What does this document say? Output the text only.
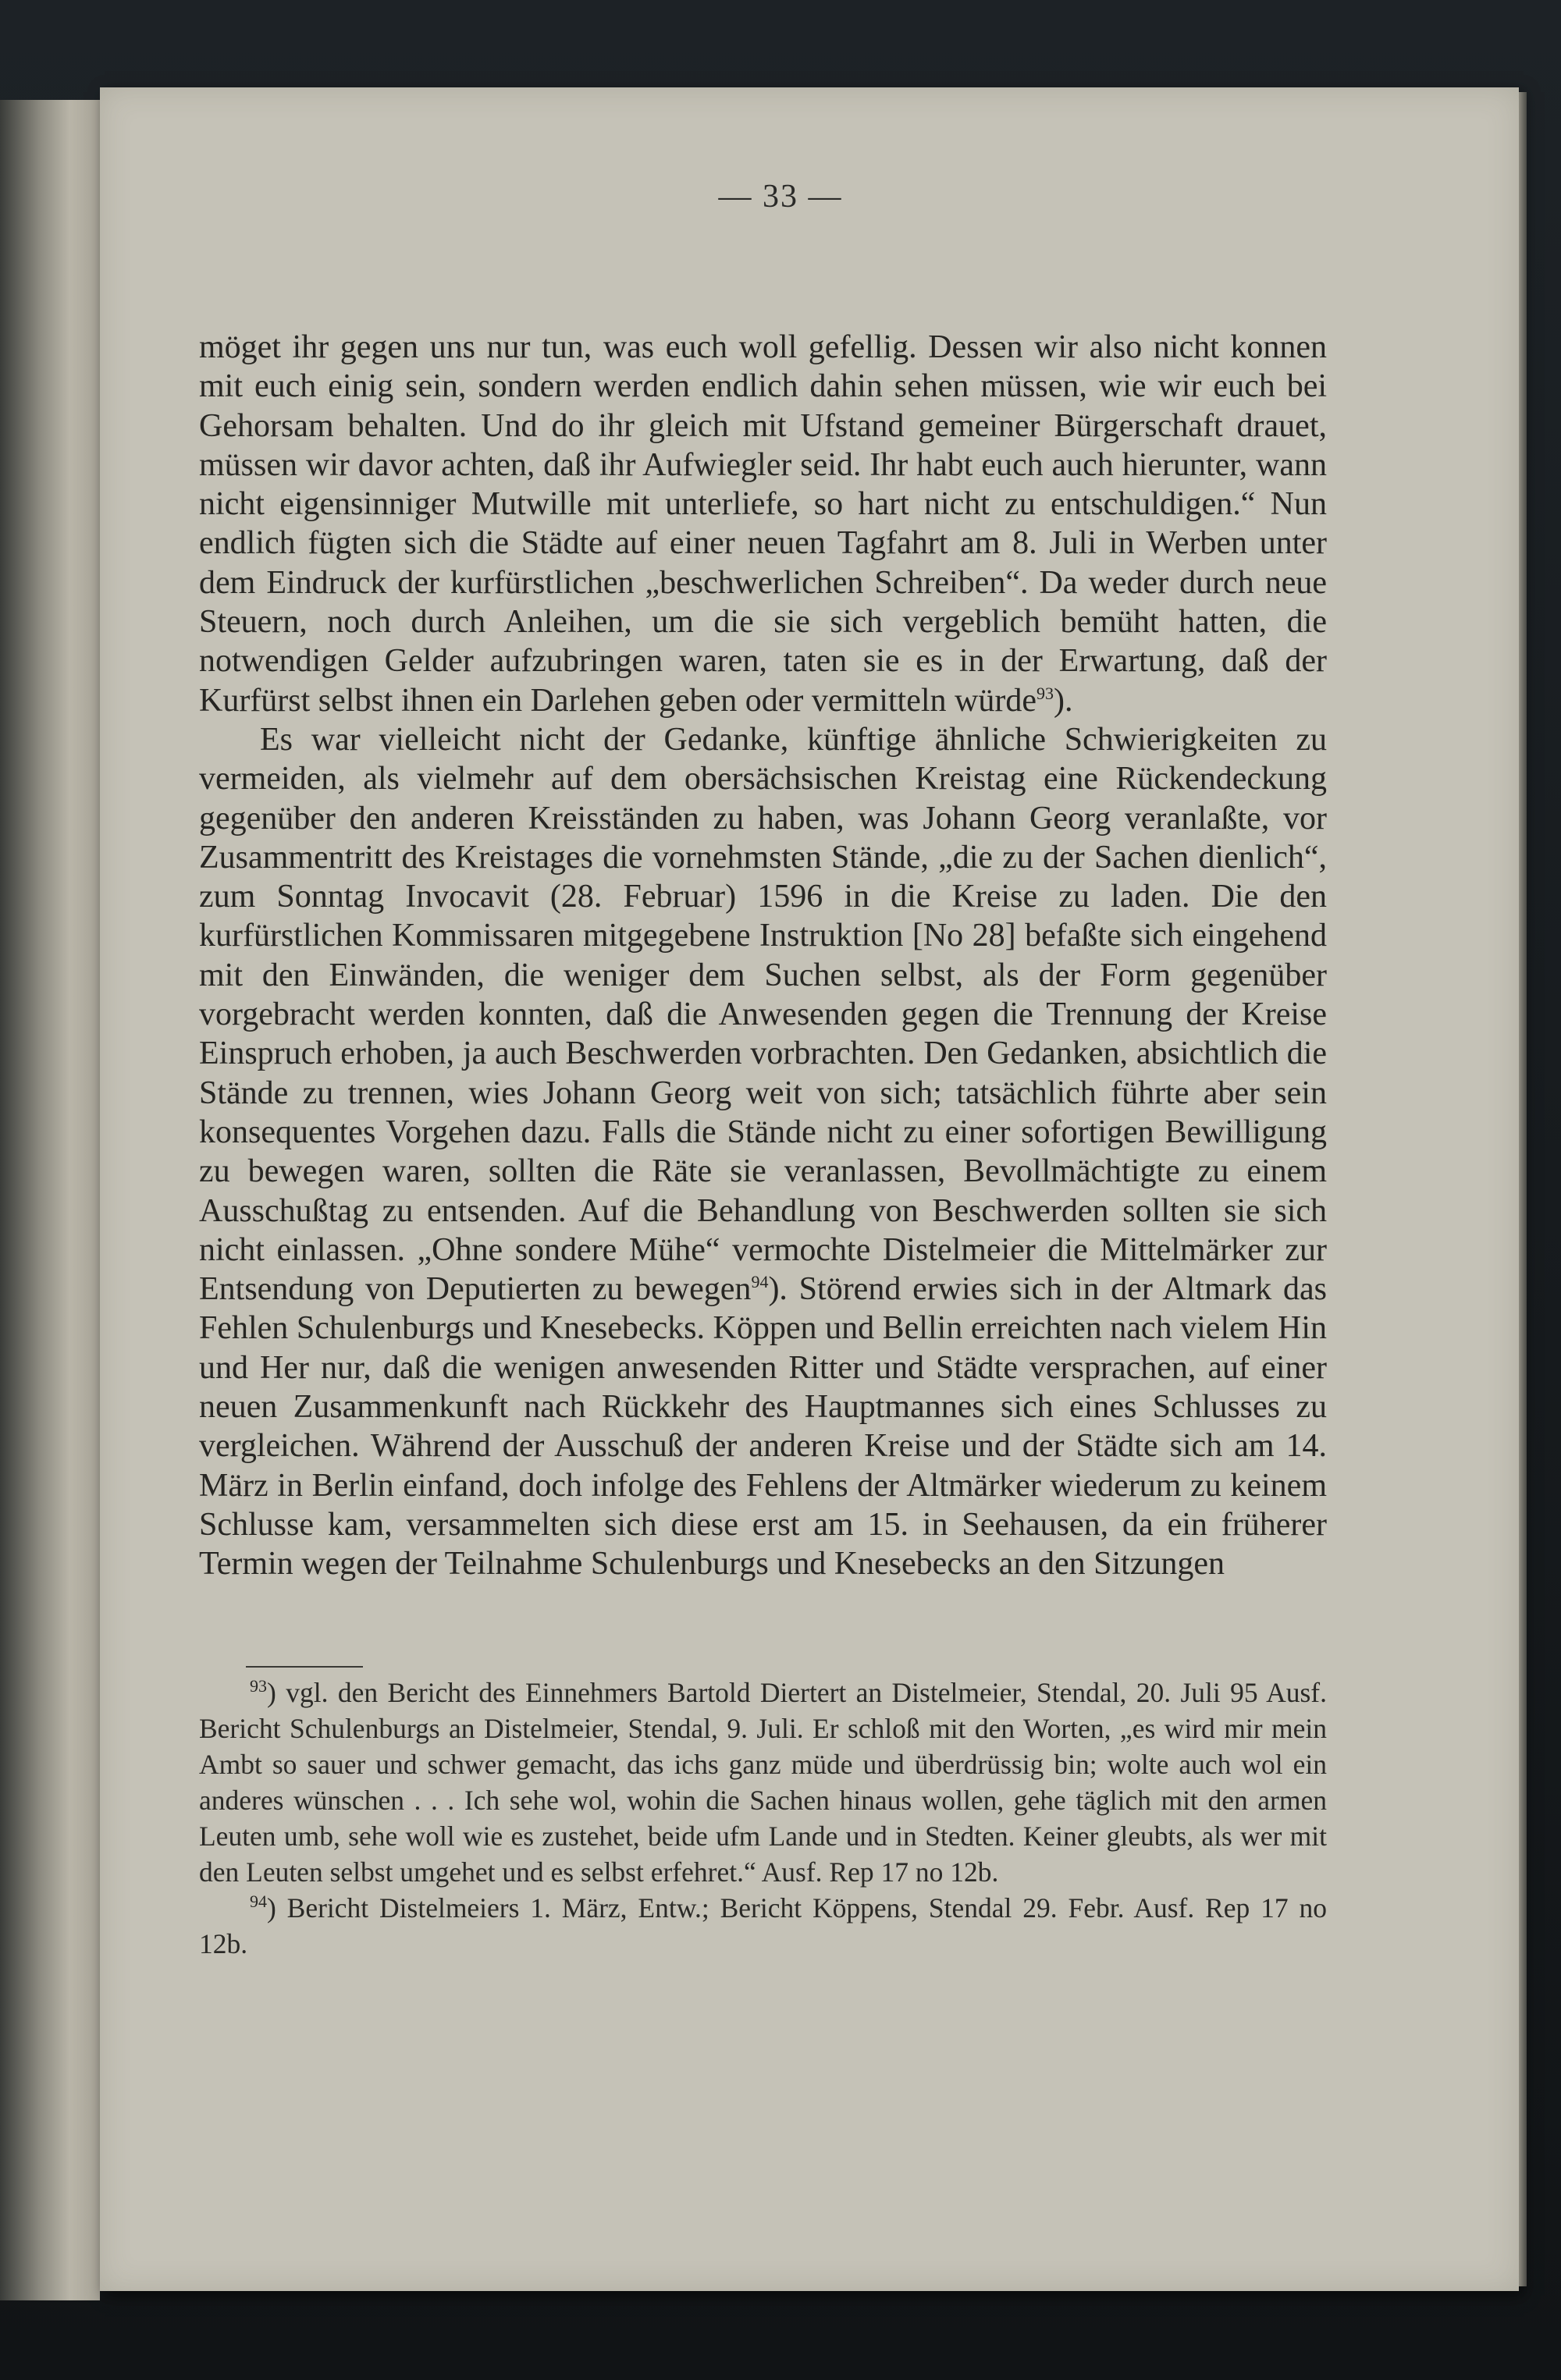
— 33 —

möget ihr gegen uns nur tun, was euch woll gefellig. Dessen wir also nicht konnen mit euch einig sein, sondern werden endlich dahin sehen müssen, wie wir euch bei Gehorsam behalten. Und do ihr gleich mit Ufstand gemeiner Bürgerschaft drauet, müssen wir davor achten, daß ihr Aufwiegler seid. Ihr habt euch auch hierunter, wann nicht eigensinniger Mutwille mit unterliefe, so hart nicht zu entschuldigen.“ Nun endlich fügten sich die Städte auf einer neuen Tagfahrt am 8. Juli in Werben unter dem Eindruck der kurfürstlichen „beschwerlichen Schreiben“. Da weder durch neue Steuern, noch durch Anleihen, um die sie sich vergeblich bemüht hatten, die notwendigen Gelder aufzubringen waren, taten sie es in der Erwartung, daß der Kurfürst selbst ihnen ein Darlehen geben oder vermitteln würde$^{93}$).

Es war vielleicht nicht der Gedanke, künftige ähnliche Schwierigkeiten zu vermeiden, als vielmehr auf dem obersächsischen Kreistag eine Rückendeckung gegenüber den anderen Kreisständen zu haben, was Johann Georg veranlaßte, vor Zusammentritt des Kreistages die vornehmsten Stände, „die zu der Sachen dienlich“, zum Sonntag Invocavit (28. Februar) 1596 in die Kreise zu laden. Die den kurfürstlichen Kommissaren mitgegebene Instruktion [No 28] befaßte sich eingehend mit den Einwänden, die weniger dem Suchen selbst, als der Form gegenüber vorgebracht werden konnten, daß die Anwesenden gegen die Trennung der Kreise Einspruch erhoben, ja auch Beschwerden vorbrachten. Den Gedanken, absichtlich die Stände zu trennen, wies Johann Georg weit von sich; tatsächlich führte aber sein konsequentes Vorgehen dazu. Falls die Stände nicht zu einer sofortigen Bewilligung zu bewegen waren, sollten die Räte sie veranlassen, Bevollmächtigte zu einem Ausschußtag zu entsenden. Auf die Behandlung von Beschwerden sollten sie sich nicht einlassen. „Ohne sondere Mühe“ vermochte Distelmeier die Mittelmärker zur Entsendung von Deputierten zu bewegen$^{94}$). Störend erwies sich in der Altmark das Fehlen Schulenburgs und Knesebecks. Köppen und Bellin erreichten nach vielem Hin und Her nur, daß die wenigen anwesenden Ritter und Städte versprachen, auf einer neuen Zusammenkunft nach Rückkehr des Hauptmannes sich eines Schlusses zu vergleichen. Während der Ausschuß der anderen Kreise und der Städte sich am 14. März in Berlin einfand, doch infolge des Fehlens der Altmärker wiederum zu keinem Schlusse kam, versammelten sich diese erst am 15. in Seehausen, da ein früherer Termin wegen der Teilnahme Schulenburgs und Knesebecks an den Sitzungen

$^{93}$) vgl. den Bericht des Einnehmers Bartold Diertert an Distelmeier, Stendal, 20. Juli 95 Ausf. Bericht Schulenburgs an Distelmeier, Stendal, 9. Juli. Er schloß mit den Worten, „es wird mir mein Ambt so sauer und schwer gemacht, das ichs ganz müde und überdrüssig bin; wolte auch wol ein anderes wünschen . . . Ich sehe wol, wohin die Sachen hinaus wollen, gehe täglich mit den armen Leuten umb, sehe woll wie es zustehet, beide ufm Lande und in Stedten. Keiner gleubts, als wer mit den Leuten selbst umgehet und es selbst erfehret.“ Ausf. Rep 17 no 12b.

$^{94}$) Bericht Distelmeiers 1. März, Entw.; Bericht Köppens, Stendal 29. Febr. Ausf. Rep 17 no 12b.
